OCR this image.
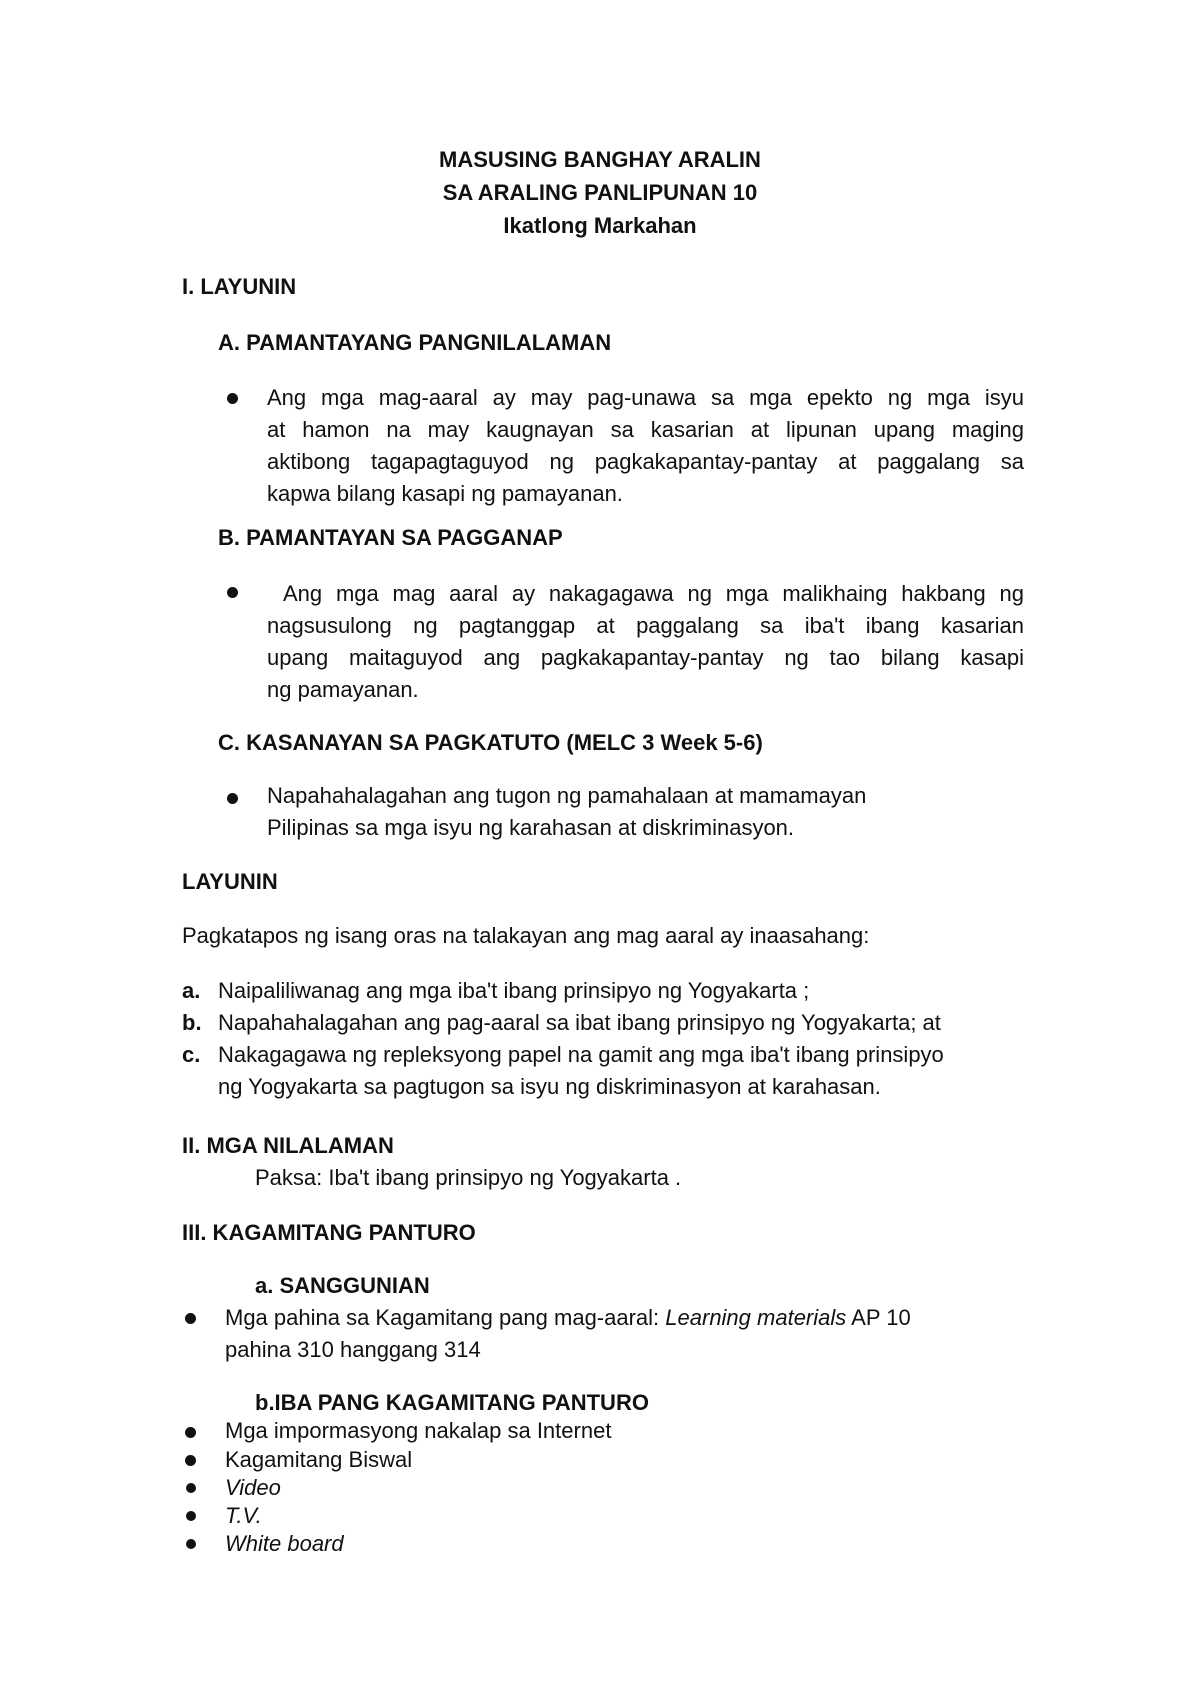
MASUSING BANGHAY ARALIN
SA ARALING PANLIPUNAN 10
Ikatlong Markahan
I. LAYUNIN
A. PAMANTAYANG PANGNILALAMAN
Ang mga mag-aaral ay may pag-unawa sa mga epekto ng mga isyu
at hamon na may kaugnayan sa kasarian at lipunan upang maging
aktibong tagapagtaguyod ng pagkakapantay-pantay at paggalang sa
kapwa bilang kasapi ng pamayanan.
B. PAMANTAYAN SA PAGGANAP
Ang mga mag aaral ay nakagagawa ng mga malikhaing hakbang ng
nagsusulong ng pagtanggap at paggalang sa iba't ibang kasarian
upang maitaguyod ang pagkakapantay-pantay ng tao bilang kasapi
ng pamayanan.
C. KASANAYAN SA PAGKATUTO (MELC 3 Week 5-6)
Napahahalagahan ang tugon ng pamahalaan at mamamayan
Pilipinas sa mga isyu ng karahasan at diskriminasyon.
LAYUNIN
Pagkatapos ng isang oras na talakayan ang mag aaral ay inaasahang:
a. Naipaliliwanag ang mga iba't ibang prinsipyo ng Yogyakarta ;
b. Napahahalagahan ang pag-aaral sa ibat ibang prinsipyo ng Yogyakarta; at
c. Nakagagawa ng repleksyong papel na gamit ang mga iba't ibang prinsipyo
ng Yogyakarta sa pagtugon sa isyu ng diskriminasyon at karahasan.
II. MGA NILALAMAN
Paksa: Iba't ibang prinsipyo ng Yogyakarta .
III. KAGAMITANG PANTURO
a. SANGGUNIAN
Mga pahina sa Kagamitang pang mag-aaral: Learning materials AP 10
pahina 310 hanggang 314
b.IBA PANG KAGAMITANG PANTURO
Mga impormasyong nakalap sa Internet
Kagamitang Biswal
Video
T.V.
White board
